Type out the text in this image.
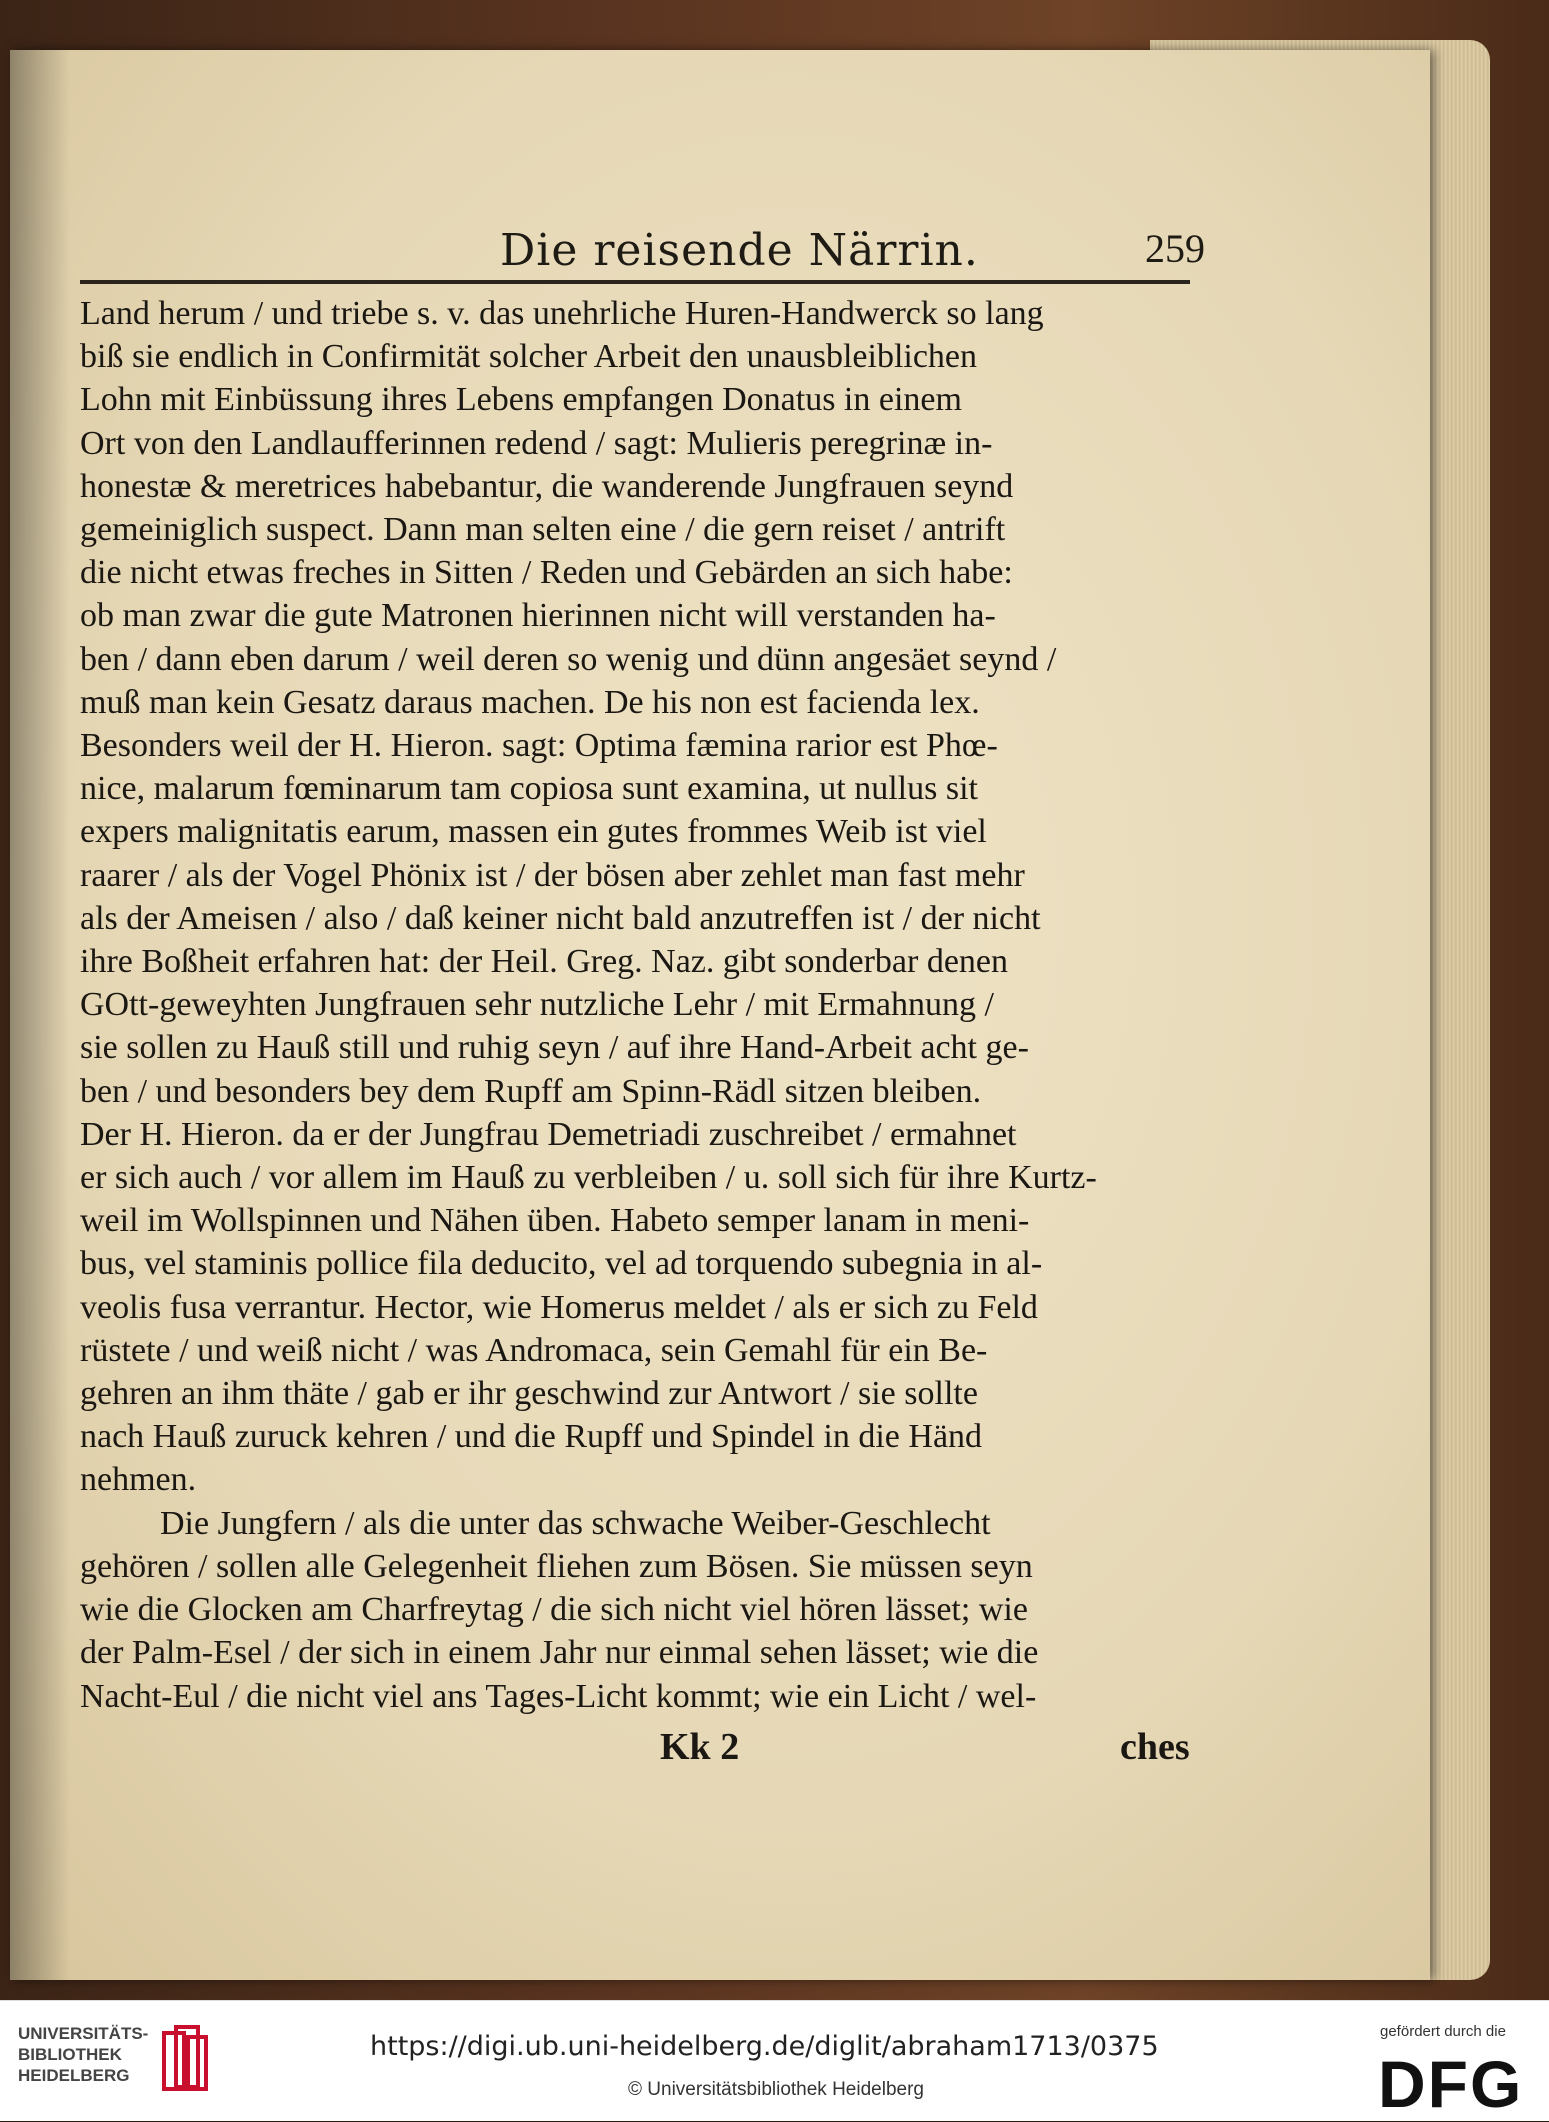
Die reisende Närrin.	259
Land herum / und triebe s. v. das unehrliche Huren-Handwerck so lang
biß sie endlich in Confirmität solcher Arbeit den unausbleiblichen
Lohn mit Einbüssung ihres Lebens empfangen Donatus in einem
Ort von den Landlaufferinnen redend / sagt: Mulieris peregrinæ in-
honestæ & meretrices habebantur, die wanderende Jungfrauen seynd
gemeiniglich suspect. Dann man selten eine / die gern reiset / antrift
die nicht etwas freches in Sitten / Reden und Gebärden an sich habe:
ob man zwar die gute Matronen hierinnen nicht will verstanden ha-
ben / dann eben darum / weil deren so wenig und dünn angesäet seynd /
muß man kein Gesatz daraus machen. De his non est facienda lex.
Besonders weil der H. Hieron. sagt: Optima fæmina rarior est Phœ-
nice, malarum fœminarum tam copiosa sunt examina, ut nullus sit
expers malignitatis earum, massen ein gutes frommes Weib ist viel
raarer / als der Vogel Phönix ist / der bösen aber zehlet man fast mehr
als der Ameisen / also / daß keiner nicht bald anzutreffen ist / der nicht
ihre Boßheit erfahren hat: der Heil. Greg. Naz. gibt sonderbar denen
GOtt-geweyhten Jungfrauen sehr nutzliche Lehr / mit Ermahnung /
sie sollen zu Hauß still und ruhig seyn / auf ihre Hand-Arbeit acht ge-
ben / und besonders bey dem Rupff am Spinn-Rädl sitzen bleiben.
Der H. Hieron. da er der Jungfrau Demetriadi zuschreibet / ermahnet
er sich auch / vor allem im Hauß zu verbleiben / u. soll sich für ihre Kurtz-
weil im Wollspinnen und Nähen üben. Habeto semper lanam in meni-
bus, vel staminis pollice fila deducito, vel ad torquendo subegnia in al-
veolis fusa verrantur. Hector, wie Homerus meldet / als er sich zu Feld
rüstete / und weiß nicht / was Andromaca, sein Gemahl für ein Be-
gehren an ihm thäte / gab er ihr geschwind zur Antwort / sie sollte
nach Hauß zuruck kehren / und die Rupff und Spindel in die Händ
nehmen.
Die Jungfern / als die unter das schwache Weiber-Geschlecht
gehören / sollen alle Gelegenheit fliehen zum Bösen. Sie müssen seyn
wie die Glocken am Charfreytag / die sich nicht viel hören lässet; wie
der Palm-Esel / der sich in einem Jahr nur einmal sehen lässet; wie die
Nacht-Eul / die nicht viel ans Tages-Licht kommt; wie ein Licht / wel-
Kk 2	ches
UNIVERSITÄTS-
BIBLIOTHEK
HEIDELBERG
https://digi.ub.uni-heidelberg.de/diglit/abraham1713/0375
© Universitätsbibliothek Heidelberg
gefördert durch die
DFG
